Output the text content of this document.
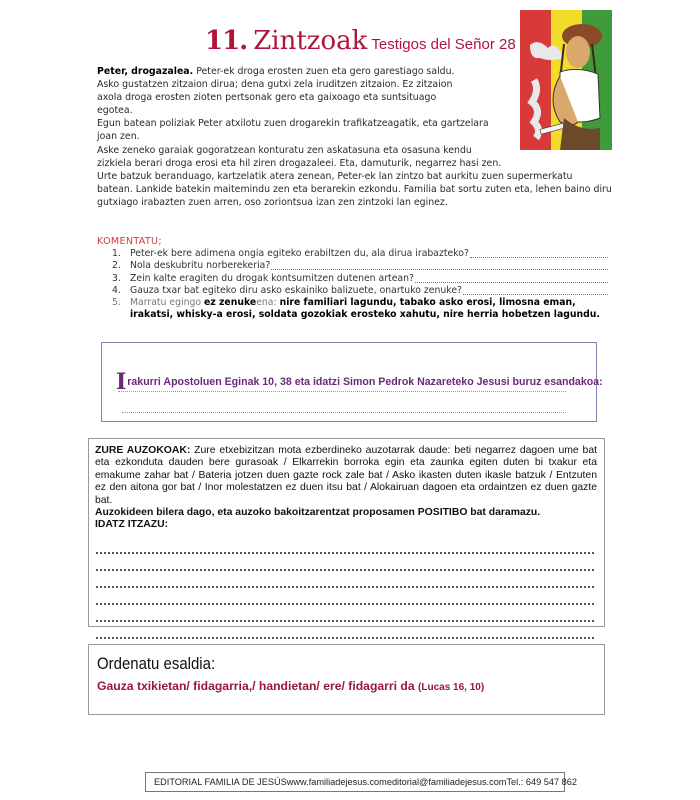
11. Zintzoak Testigos del Señor 28

Peter, drogazalea. Peter-ek droga erosten zuen eta gero garestiago saldu.

Asko gustatzen zitzaion dirua; dena gutxi zela iruditzen zitzaion. Ez zitzaion

axola droga erosten zioten pertsonak gero eta gaixoago eta suntsituago

egotea.

Egun batean poliziak Peter atxilotu zuen drogarekin trafikatzeagatik, eta gartzelara

joan zen.

Aske zeneko garaiak gogoratzean konturatu zen askatasuna eta osasuna kendu

zizkiela berari droga erosi eta hil ziren drogazaleei. Eta, damuturik, negarrez hasi zen.

Urte batzuk beranduago, kartzelatik atera zenean, Peter-ek lan zintzo bat aurkitu zuen supermerkatu

batean. Lankide batekin maitemindu zen eta berarekin ezkondu. Familia bat sortu zuten eta, lehen baino diru

gutxiago irabazten zuen arren, oso zoriontsua izan zen zintzoki lan eginez.

KOMENTATU;
1. Peter-ek bere adimena ongia egiteko erabiltzen du, ala dirua irabazteko?
2. Nola deskubritu norberekeria?
3. Zein kalte eragiten du drogak kontsumitzen dutenen artean?
4. Gauza txar bat egiteko diru asko eskainiko balizuete, onartuko zenuke?
5. Marratu egingo ez zenukeena: nire familiari lagundu, tabako asko erosi, limosna eman, irakatsi, whisky-a erosi, soldata gozokiak erosteko xahutu, nire herria hobetzen lagundu.
Irakurri Apostoluen Eginak 10, 38 eta idatzi Simon Pedrok Nazareteko Jesusi buruz esandakoa:
ZURE AUZOKOAK: Zure etxebizitzan mota ezberdineko auzotarrak daude: beti negarrez dagoen ume bat eta ezkonduta dauden bere gurasoak / Elkarrekin borroka egin eta zaunka egiten duten bi txakur eta emakume zahar bat / Bateria jotzen duen gazte rock zale bat / Asko ikasten duten ikasle batzuk / Entzuten ez den aitona gor bat / Inor molestatzen ez duen itsu bat / Alokairuan dagoen eta ordaintzen ez duen gazte bat.
Auzokideen bilera dago, eta auzoko bakoitzarentzat proposamen POSITIBO bat daramazu.
IDATZ ITZAZU:
Ordenatu esaldia:
Gauza txikietan/ fidagarria,/ handietan/ ere/ fidagarri da (Lucas 16, 10)
EDITORIAL FAMILIA DE JESÚS www.familiadejesus.com editorial@familiadejesus.com Tel.: 649 547 862
